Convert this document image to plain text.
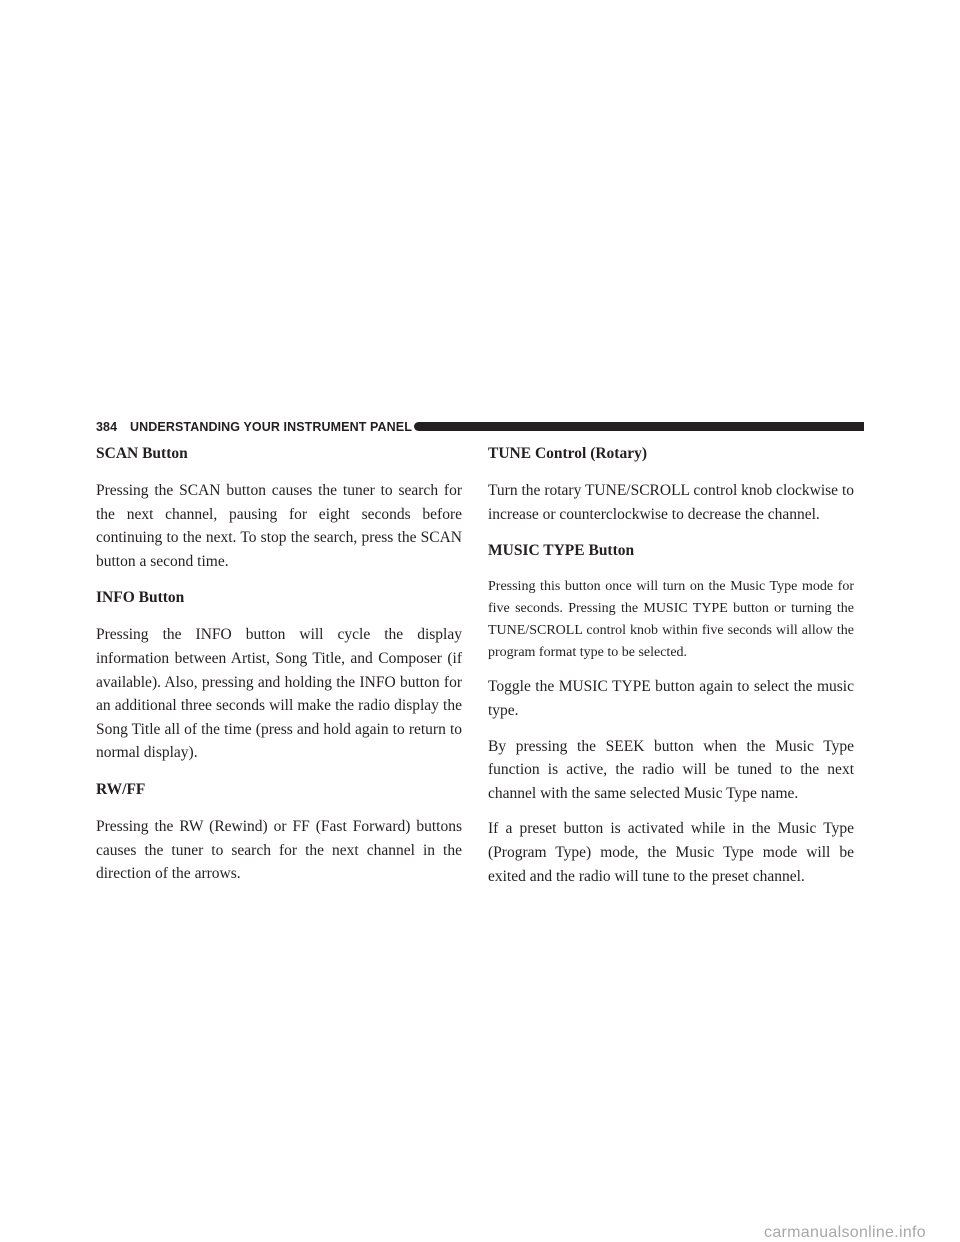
384 UNDERSTANDING YOUR INSTRUMENT PANEL
SCAN Button

Pressing the SCAN button causes the tuner to search for the next channel, pausing for eight seconds before continuing to the next. To stop the search, press the SCAN button a second time.

INFO Button

Pressing the INFO button will cycle the display information between Artist, Song Title, and Composer (if available). Also, pressing and holding the INFO button for an additional three seconds will make the radio display the Song Title all of the time (press and hold again to return to normal display).

RW/FF

Pressing the RW (Rewind) or FF (Fast Forward) buttons causes the tuner to search for the next channel in the direction of the arrows.

TUNE Control (Rotary)

Turn the rotary TUNE/SCROLL control knob clockwise to increase or counterclockwise to decrease the channel.

MUSIC TYPE Button

Pressing this button once will turn on the Music Type mode for five seconds. Pressing the MUSIC TYPE button or turning the TUNE/SCROLL control knob within five seconds will allow the program format type to be selected.

Toggle the MUSIC TYPE button again to select the music type.

By pressing the SEEK button when the Music Type function is active, the radio will be tuned to the next channel with the same selected Music Type name.

If a preset button is activated while in the Music Type (Program Type) mode, the Music Type mode will be exited and the radio will tune to the preset channel.

carmanualsonline.info
